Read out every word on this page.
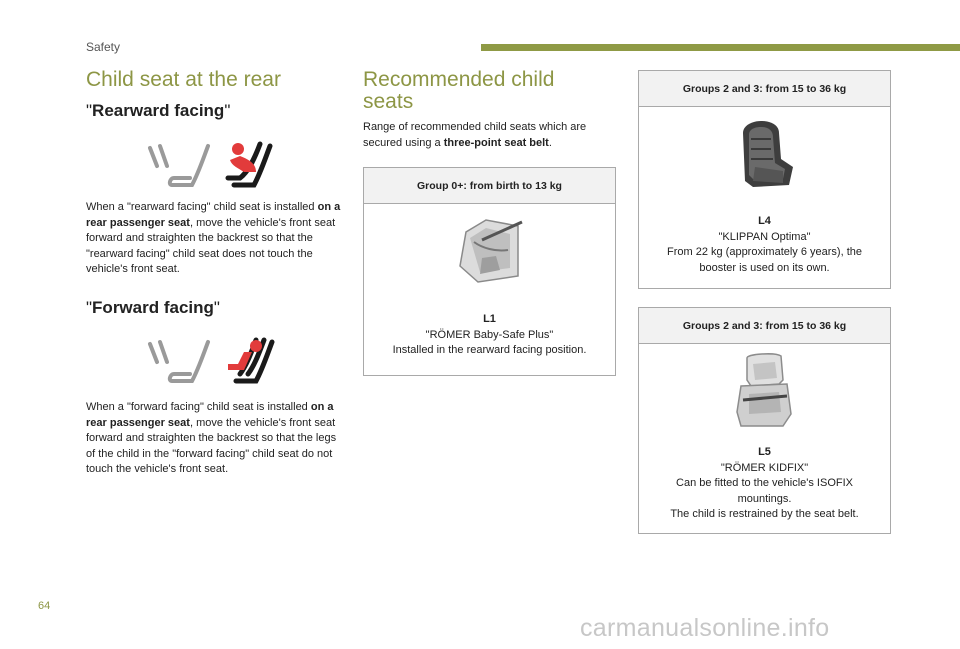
Safety
Child seat at the rear
"Rearward facing"
When a "rearward facing" child seat is installed on a rear passenger seat, move the vehicle's front seat forward and straighten the backrest so that the "rearward facing" child seat does not touch the vehicle's front seat.
"Forward facing"
When a "forward facing" child seat is installed on a rear passenger seat, move the vehicle's front seat forward and straighten the backrest so that the legs of the child in the "forward facing" child seat do not touch the vehicle's front seat.
Recommended child
seats
Range of recommended child seats which are secured using a three-point seat belt.
Group 0+: from birth to 13 kg
L1
"RÖMER Baby-Safe Plus"
Installed in the rearward facing position.
Groups 2 and 3: from 15 to 36 kg
L4
"KLIPPAN Optima"
From 22 kg (approximately 6 years), the booster is used on its own.
Groups 2 and 3: from 15 to 36 kg
L5
"RÖMER KIDFIX"
Can be fitted to the vehicle's ISOFIX mountings.
The child is restrained by the seat belt.
64
carmanualsonline.info
